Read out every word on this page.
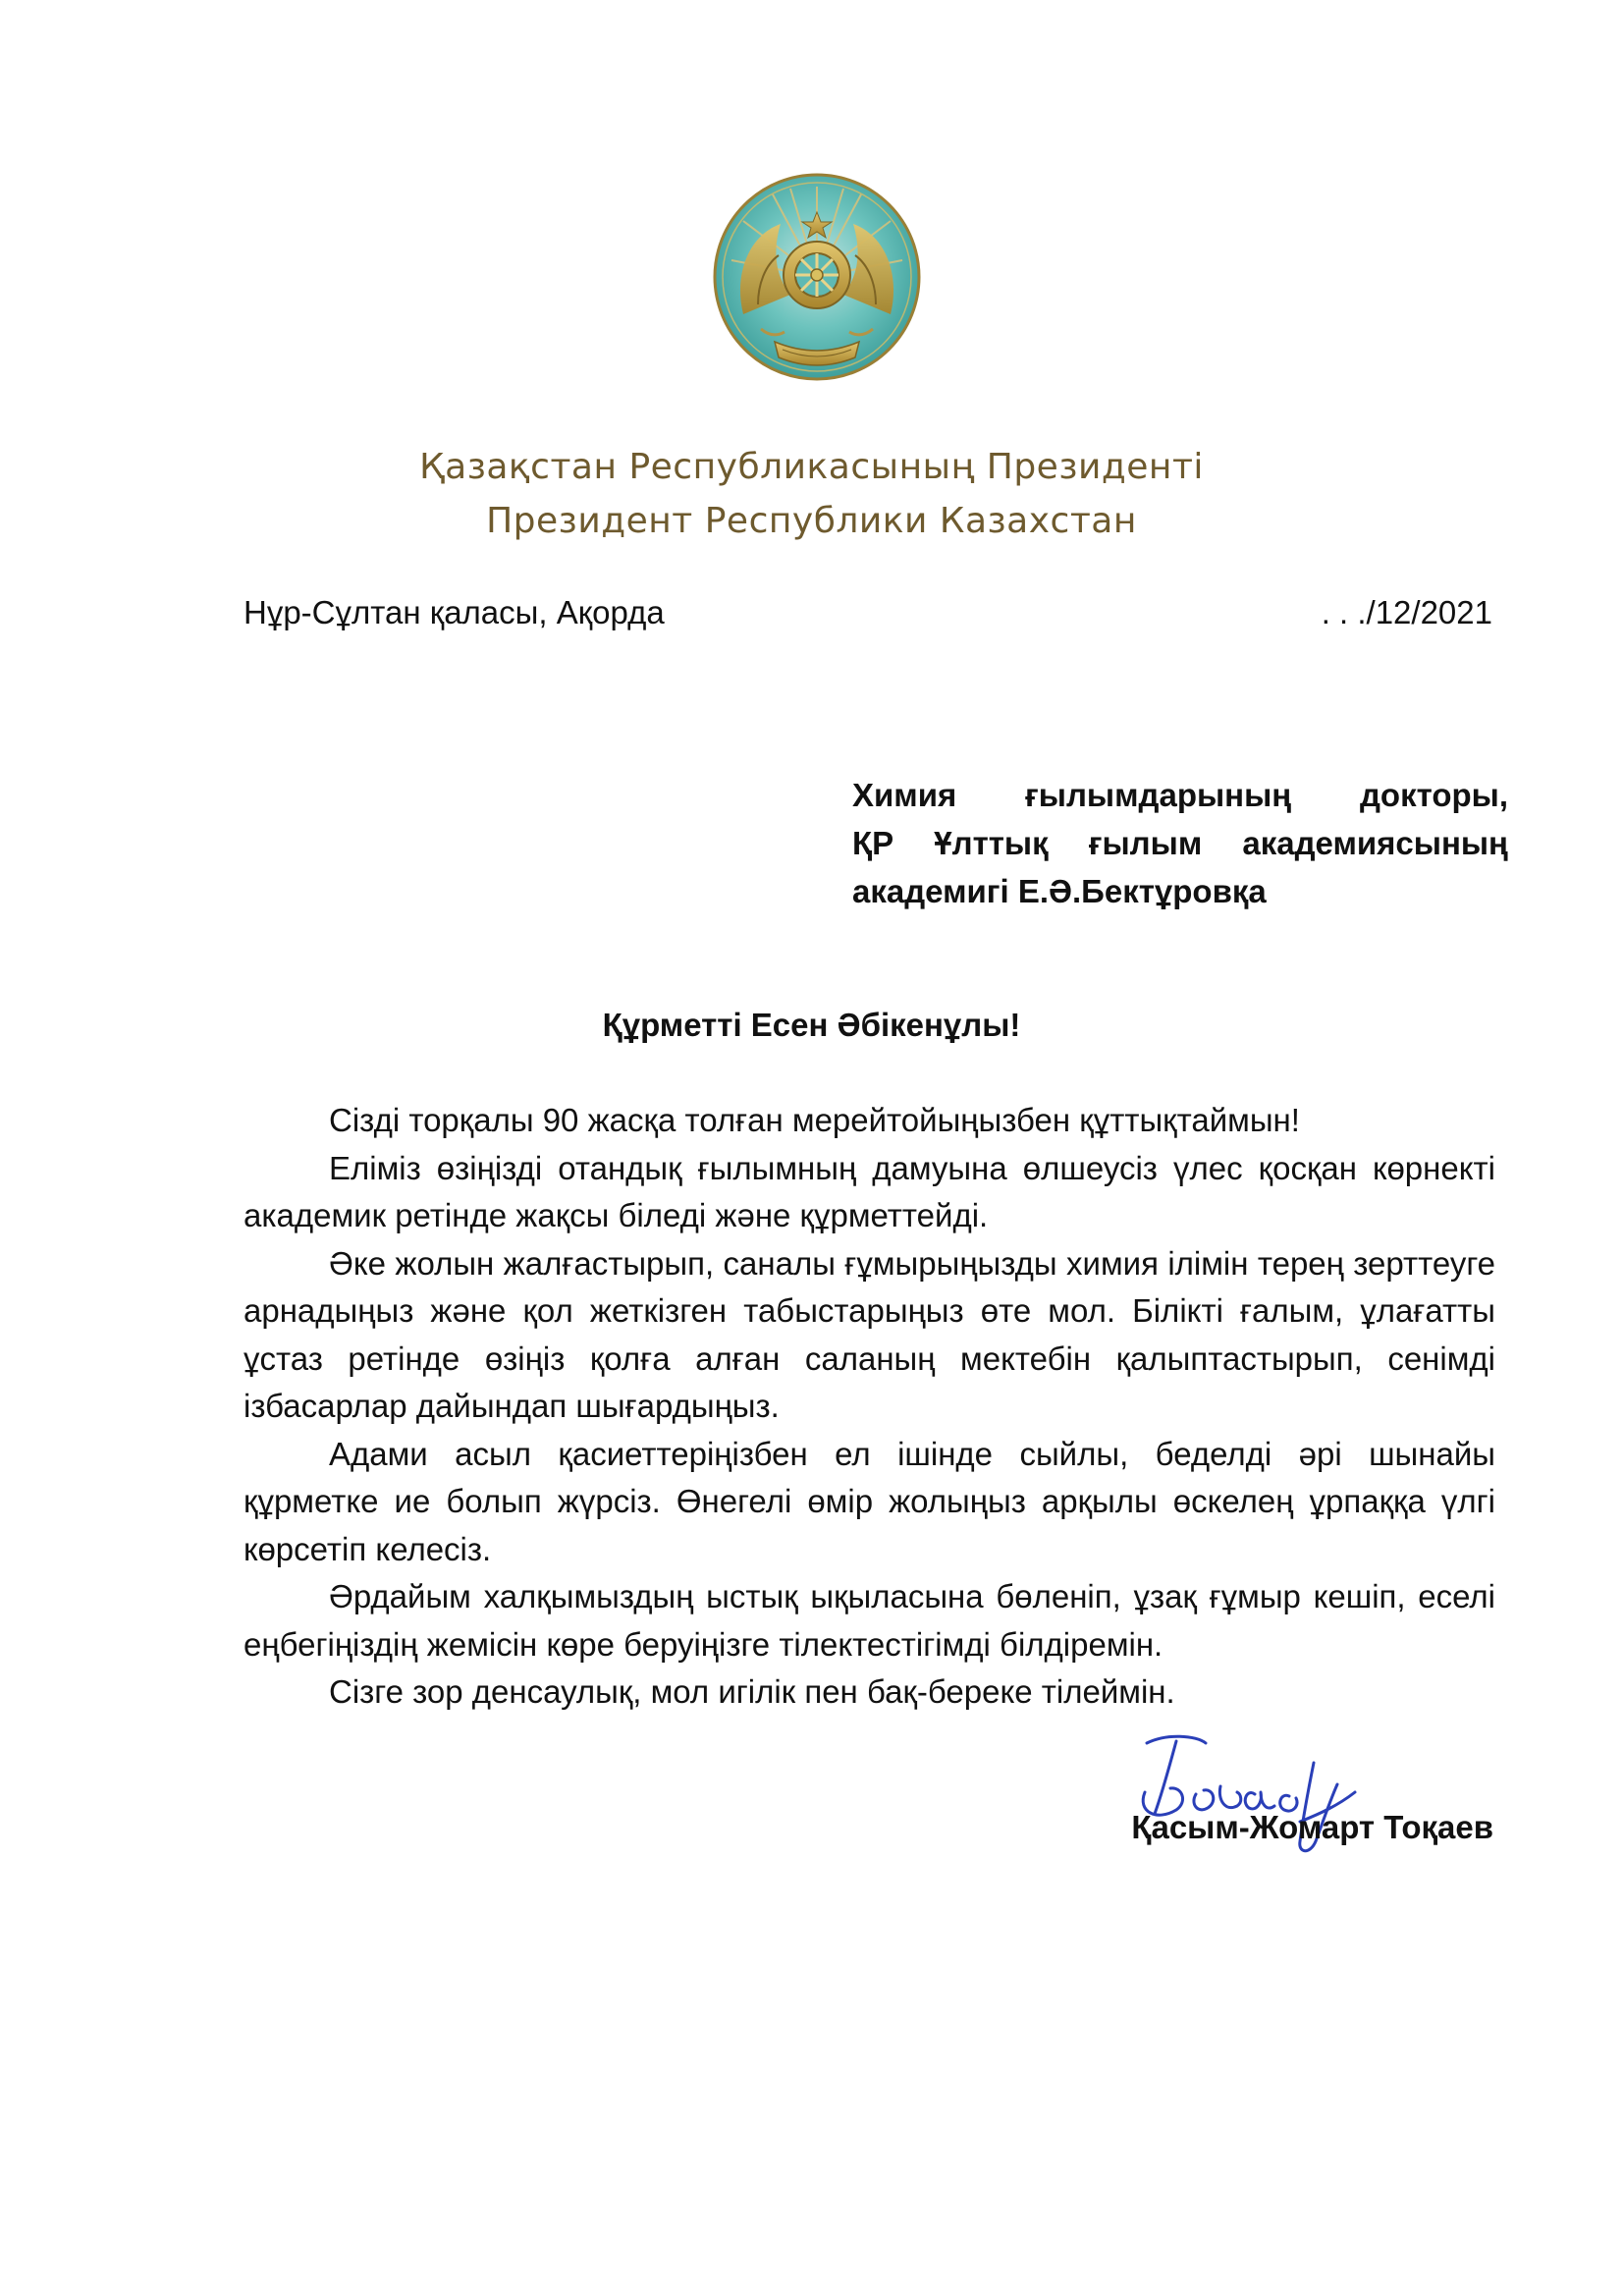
Қазақстан Республикасының Президенті
Президент Республики Казахстан
Нұр-Сұлтан қаласы, Ақорда	. . ./12/2021
Химия ғылымдарының докторы,
ҚР Ұлттық ғылым академиясының
академигі Е.Ә.Бектұровқа
Құрметті Есен Әбікенұлы!

Сізді торқалы 90 жасқа толған мерейтойыңызбен құттықтаймын!

Еліміз өзіңізді отандық ғылымның дамуына өлшеусіз үлес қосқан көрнекті академик ретінде жақсы біледі және құрметтейді.

Әке жолын жалғастырып, саналы ғұмырыңызды химия ілімін терең зерттеуге арнадыңыз және қол жеткізген табыстарыңыз өте мол. Білікті ғалым, ұлағатты ұстаз ретінде өзіңіз қолға алған саланың мектебін қалыптастырып, сенімді ізбасарлар дайындап шығардыңыз.

Адами асыл қасиеттеріңізбен ел ішінде сыйлы, беделді әрі шынайы құрметке ие болып жүрсіз. Өнегелі өмір жолыңыз арқылы өскелең ұрпаққа үлгі көрсетіп келесіз.

Әрдайым халқымыздың ыстық ықыласына бөленіп, ұзақ ғұмыр кешіп, еселі еңбегіңіздің жемісін көре беруіңізге тілектестігімді білдіремін.

Сізге зор денсаулық, мол игілік пен бақ-береке тілеймін.

Қасым-Жомарт Тоқаев
